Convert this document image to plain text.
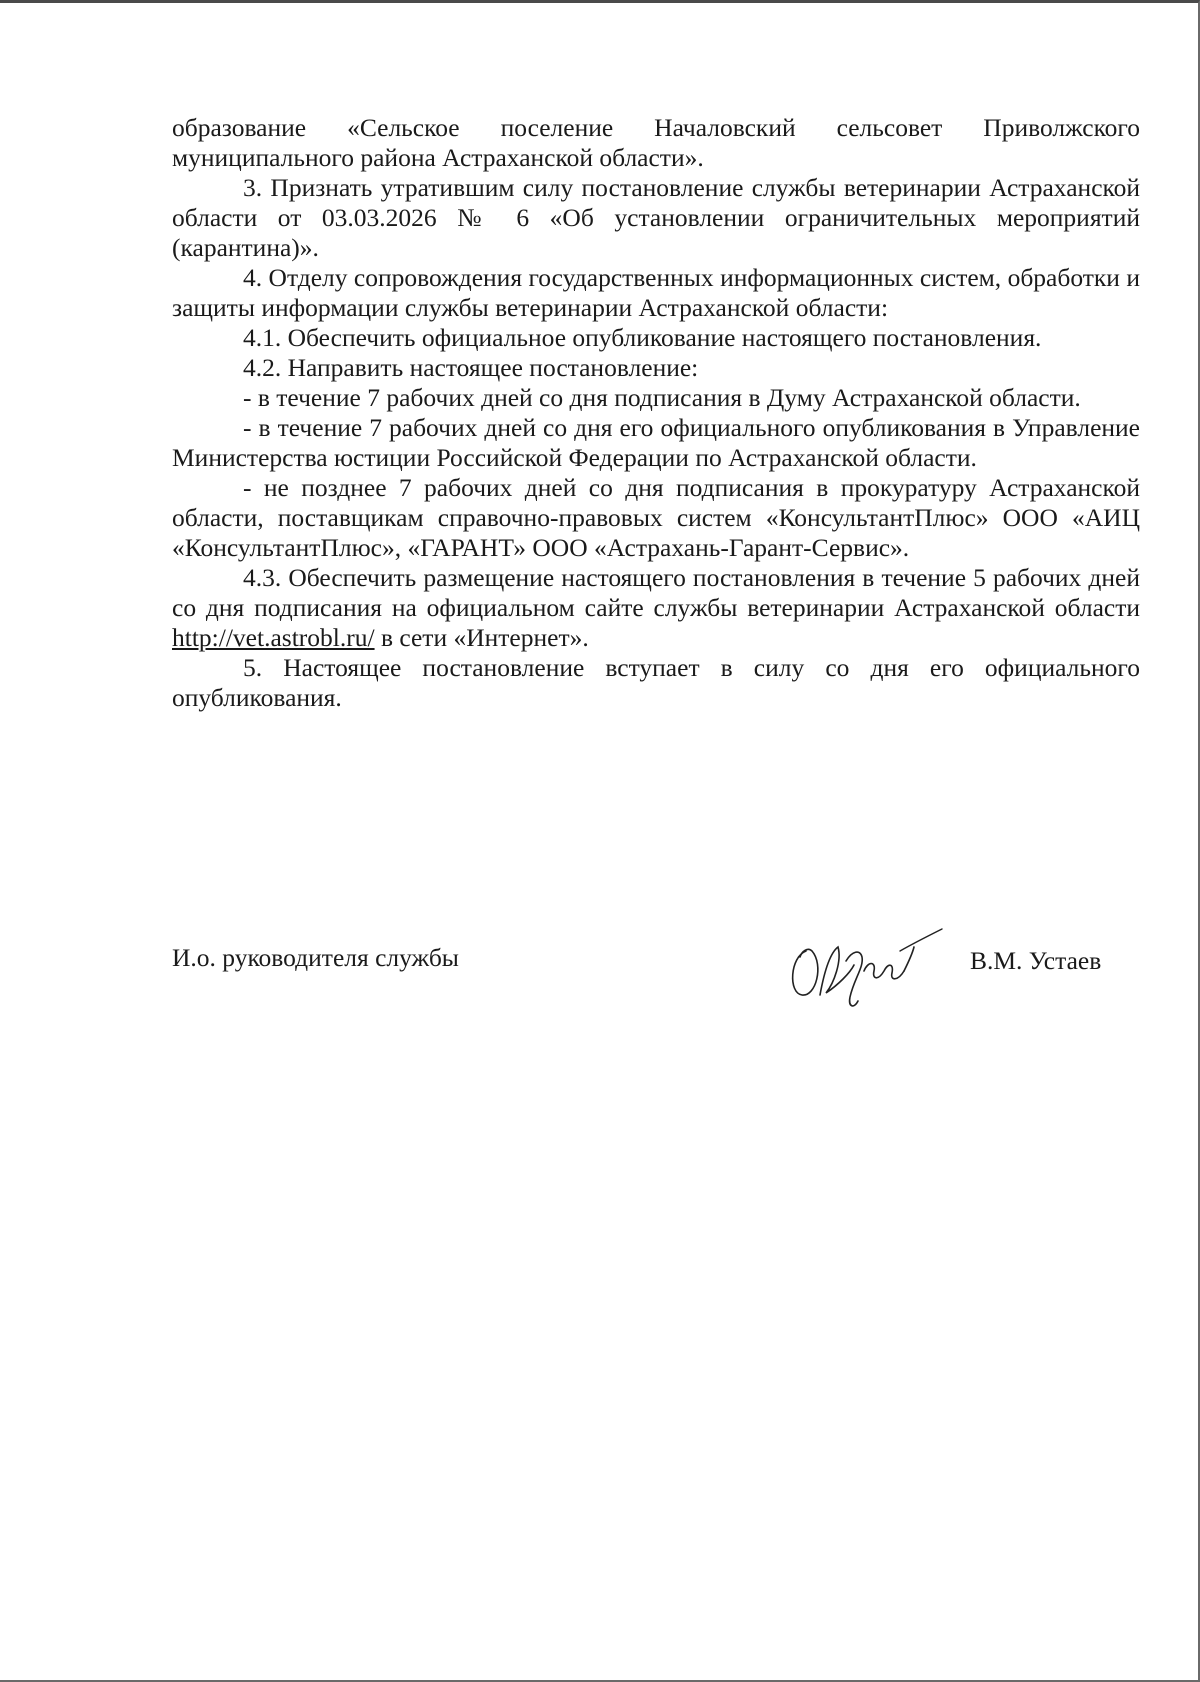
образование «Сельское поселение Началовский сельсовет Приволжского муниципального района Астраханской области».

3. Признать утратившим силу постановление службы ветеринарии Астраханской области от 03.03.2026 № 6 «Об установлении ограничительных мероприятий (карантина)».

4. Отделу сопровождения государственных информационных систем, обработки и защиты информации службы ветеринарии Астраханской области:

4.1. Обеспечить официальное опубликование настоящего постановления.

4.2. Направить настоящее постановление:

- в течение 7 рабочих дней со дня подписания в Думу Астраханской области.

- в течение 7 рабочих дней со дня его официального опубликования в Управление Министерства юстиции Российской Федерации по Астраханской области.

- не позднее 7 рабочих дней со дня подписания в прокуратуру Астраханской области, поставщикам справочно-правовых систем «КонсультантПлюс» ООО «АИЦ «КонсультантПлюс», «ГАРАНТ» ООО «Астрахань-Гарант-Сервис».

4.3. Обеспечить размещение настоящего постановления в течение 5 рабочих дней со дня подписания на официальном сайте службы ветеринарии Астраханской области http://vet.astrobl.ru/ в сети «Интернет».

5. Настоящее постановление вступает в силу со дня его официального опубликования.

И.о. руководителя службы	В.М. Устаев
